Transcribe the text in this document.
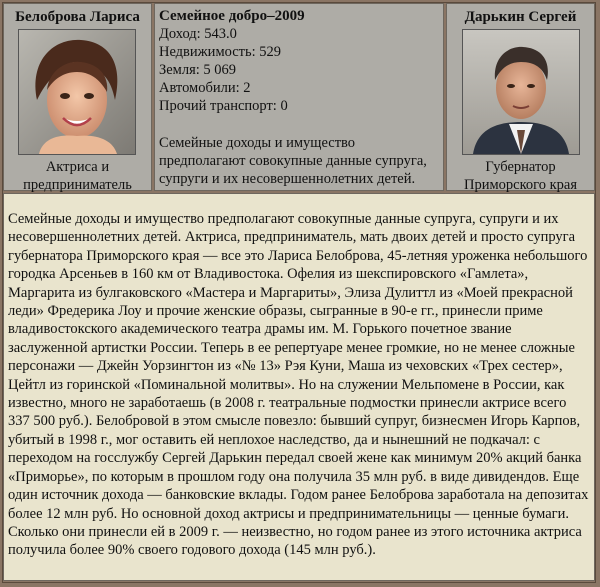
Белоброва Лариса
Актриса и
предприниматель
Семейное добро–2009
Доход: 543.0
Недвижимость: 529
Земля: 5 069
Автомобили: 2
Прочий транспорт: 0
Семейные доходы и имущество
предполагают совокупные данные супруга,
супруги и их несовершеннолетних детей.
Дарькин Сергей
Губернатор
Приморского края
Семейные доходы и имущество предполагают совокупные данные супруга, супруги и их несовершеннолетних детей. Актриса, предприниматель, мать двоих детей и просто супруга губернатора Приморского края — все это Лариса Белоброва, 45-летняя уроженка небольшого городка Арсеньев в 160 км от Владивостока. Офелия из шекспировского «Гамлета», Маргарита из булгаковского «Мастера и Маргариты», Элиза Дулиттл из «Моей прекрасной леди» Фредерика Лоу и прочие женские образы, сыгранные в 90-е гг., принесли приме владивостокского академического театра драмы им. М. Горького почетное звание заслуженной артистки России. Теперь в ее репертуаре менее громкие, но не менее сложные персонажи — Джейн Уорзингтон из «№ 13» Рэя Куни, Маша из чеховских «Трех сестер», Цейтл из горинской «Поминальной молитвы». Но на служении Мельпомене в России, как известно, много не заработаешь (в 2008 г. театральные подмостки принесли актрисе всего 337 500 руб.). Белобровой в этом смысле повезло: бывший супруг, бизнесмен Игорь Карпов, убитый в 1998 г., мог оставить ей неплохое наследство, да и нынешний не подкачал: с переходом на госслужбу Сергей Дарькин передал своей жене как минимум 20% акций банка «Приморье», по которым в прошлом году она получила 35 млн руб. в виде дивидендов. Еще один источник дохода — банковские вклады. Годом ранее Белоброва заработала на депозитах более 12 млн руб. Но основной доход актрисы и предпринимательницы — ценные бумаги. Сколько они принесли ей в 2009 г. — неизвестно, но годом ранее из этого источника актриса получила более 90% своего годового дохода (145 млн руб.).
